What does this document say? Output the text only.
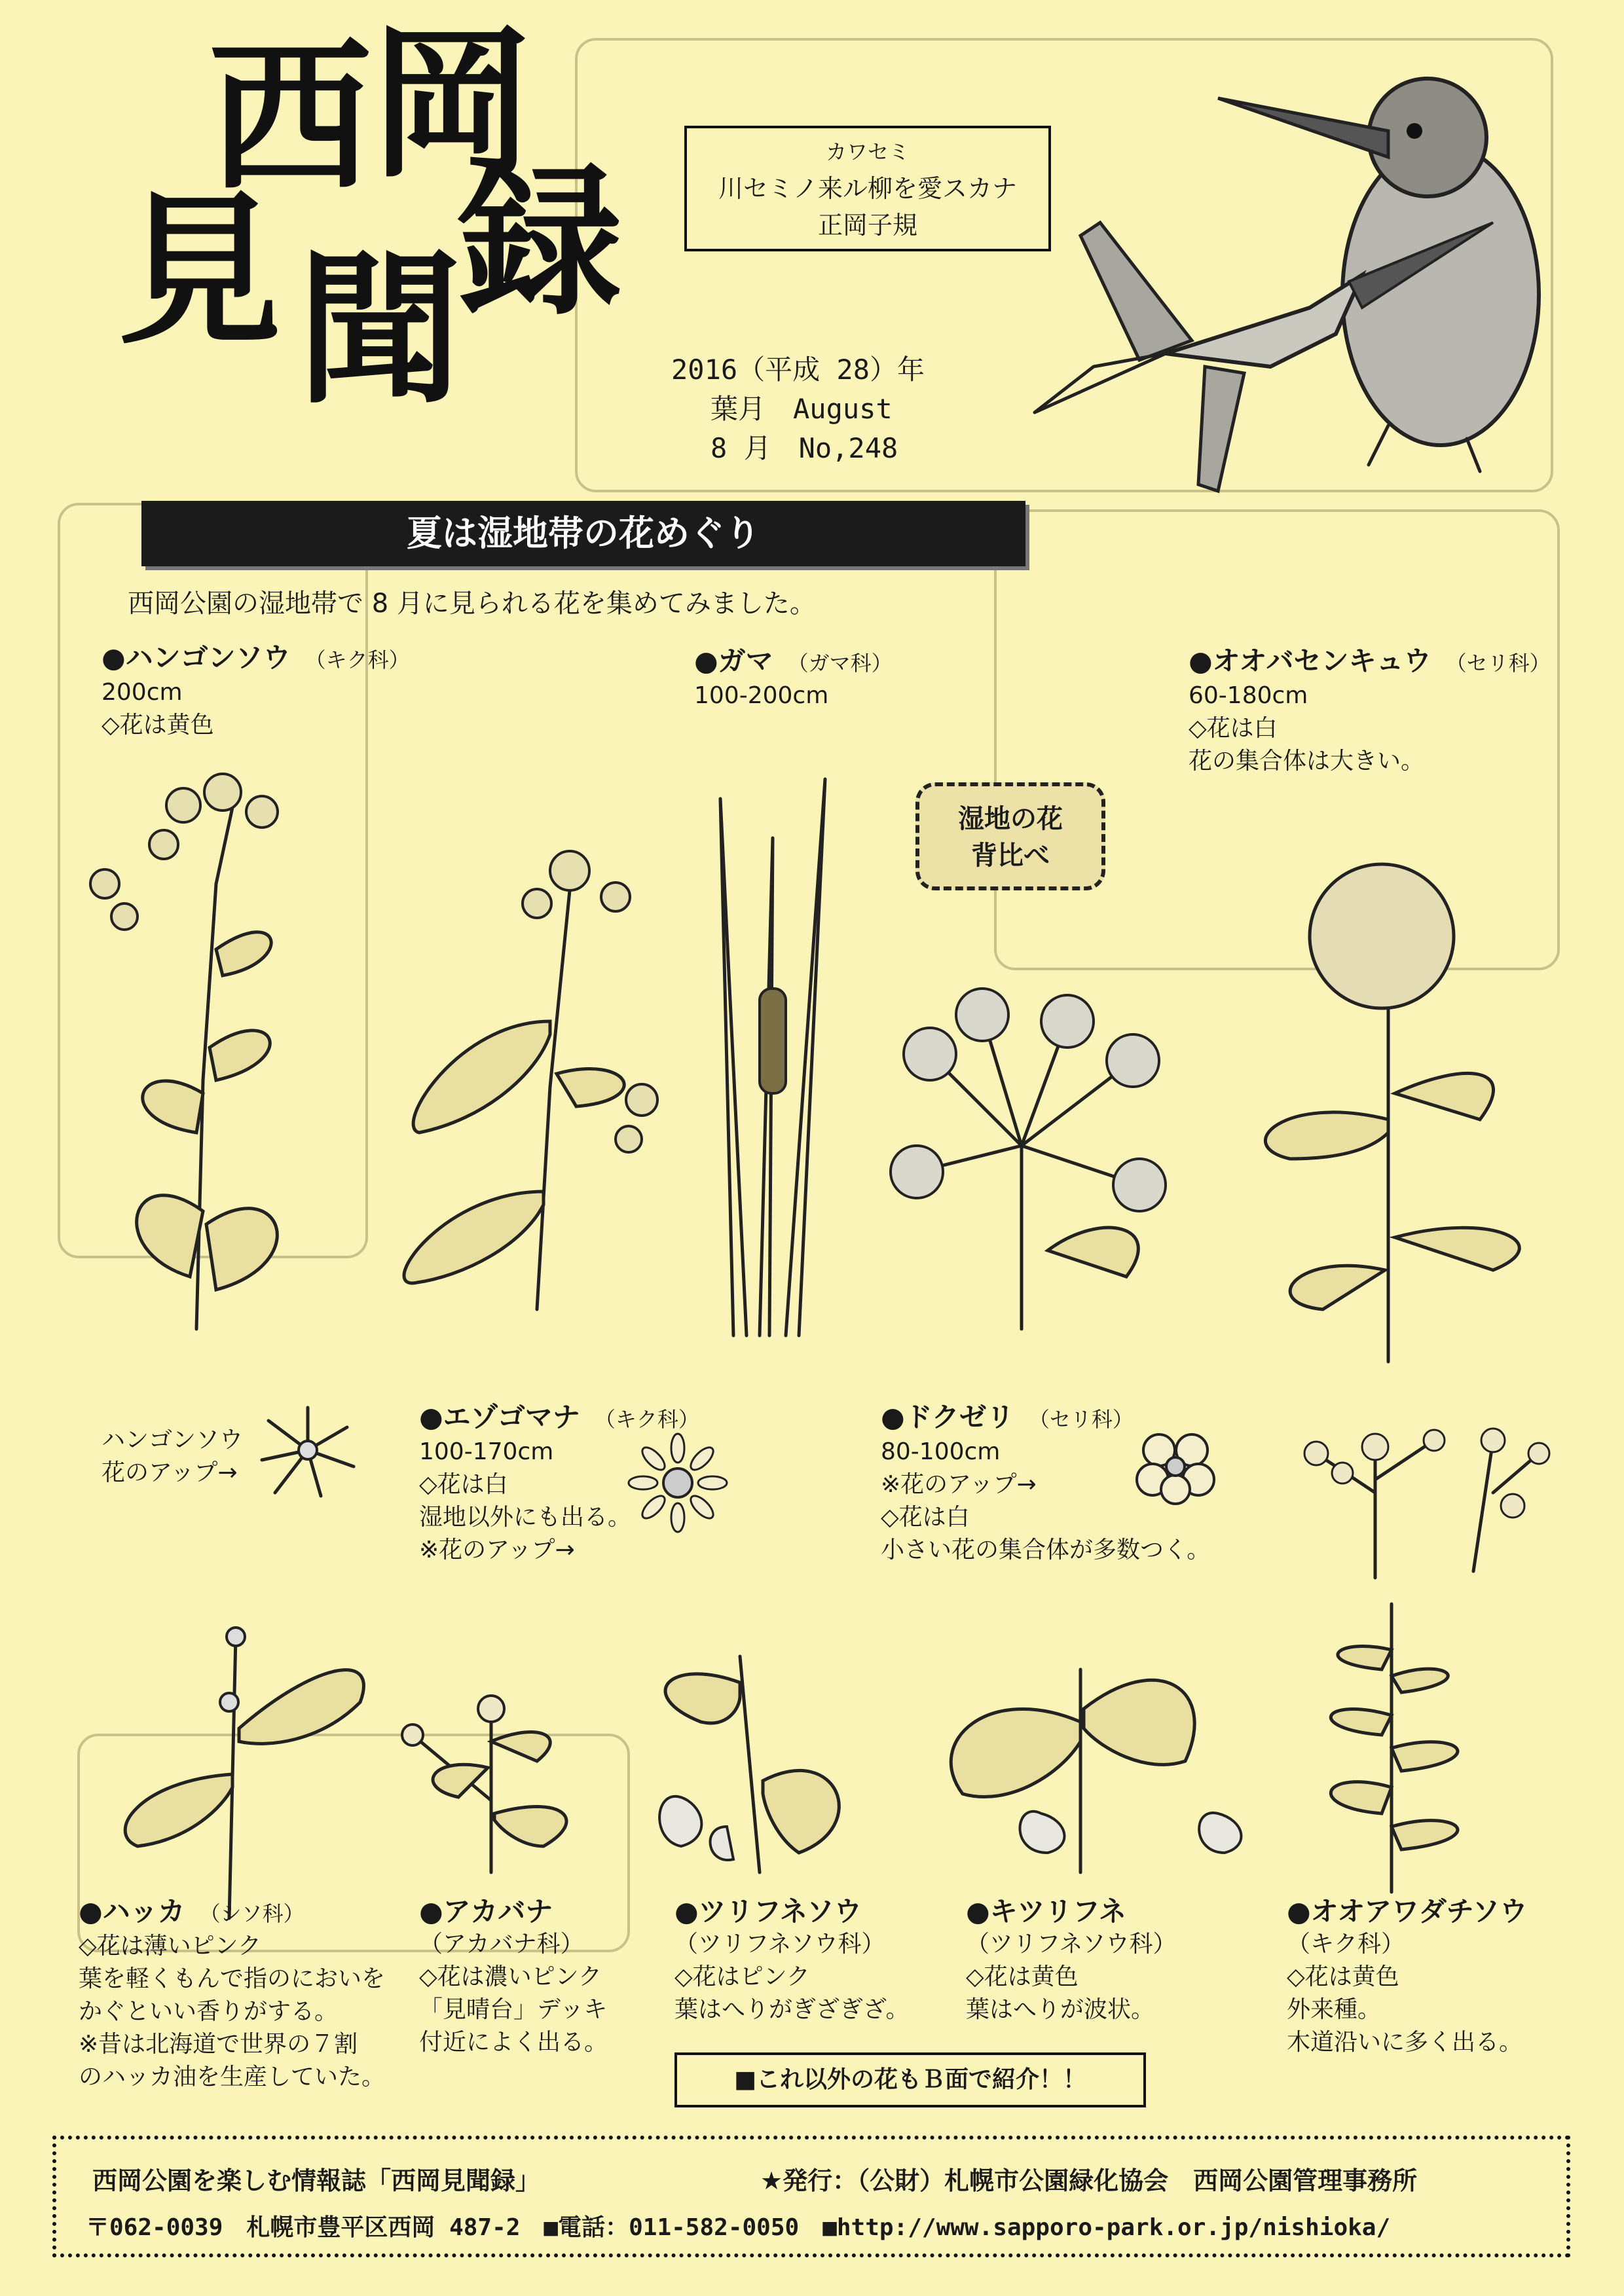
西
岡
見 聞
録	カワセミ
川セミノ来ル柳を愛スカナ
正岡子規
2016（平成 28）年
葉月　August
8 月　No,248
夏は湿地帯の花めぐり
西岡公園の湿地帯で 8 月に見られる花を集めてみました。
●ハンゴンソウ （キク科）
200cm
◇花は黄色
●ガマ （ガマ科）
100-200cm
●オオバセンキュウ （セリ科）
60-180cm
◇花は白
花の集合体は大きい。
湿地の花
背比べ
ハンゴンソウ
花のアップ→
●エゾゴマナ （キク科）
100-170cm
◇花は白
湿地以外にも出る。
※花のアップ→
●ドクゼリ （セリ科）
80-100cm
※花のアップ→
◇花は白
小さい花の集合体が多数つく。
●ハッカ （シソ科）
◇花は薄いピンク
葉を軽くもんで指のにおいを
かぐといい香りがする。
※昔は北海道で世界の７割
のハッカ油を生産していた。
●アカバナ
（アカバナ科）
◇花は濃いピンク
「見晴台」デッキ
付近によく出る。
●ツリフネソウ
（ツリフネソウ科）
◇花はピンク
葉はへりがぎざぎざ。
●キツリフネ
（ツリフネソウ科）
◇花は黄色
葉はへりが波状。
●オオアワダチソウ
（キク科）
◇花は黄色
外来種。
木道沿いに多く出る。
■これ以外の花もＢ面で紹介！！
西岡公園を楽しむ情報誌「西岡見聞録」	★発行：（公財）札幌市公園緑化協会　西岡公園管理事務所
〒062-0039　札幌市豊平区西岡 487-2　■電話：011-582-0050　■http://www.sapporo-park.or.jp/nishioka/
